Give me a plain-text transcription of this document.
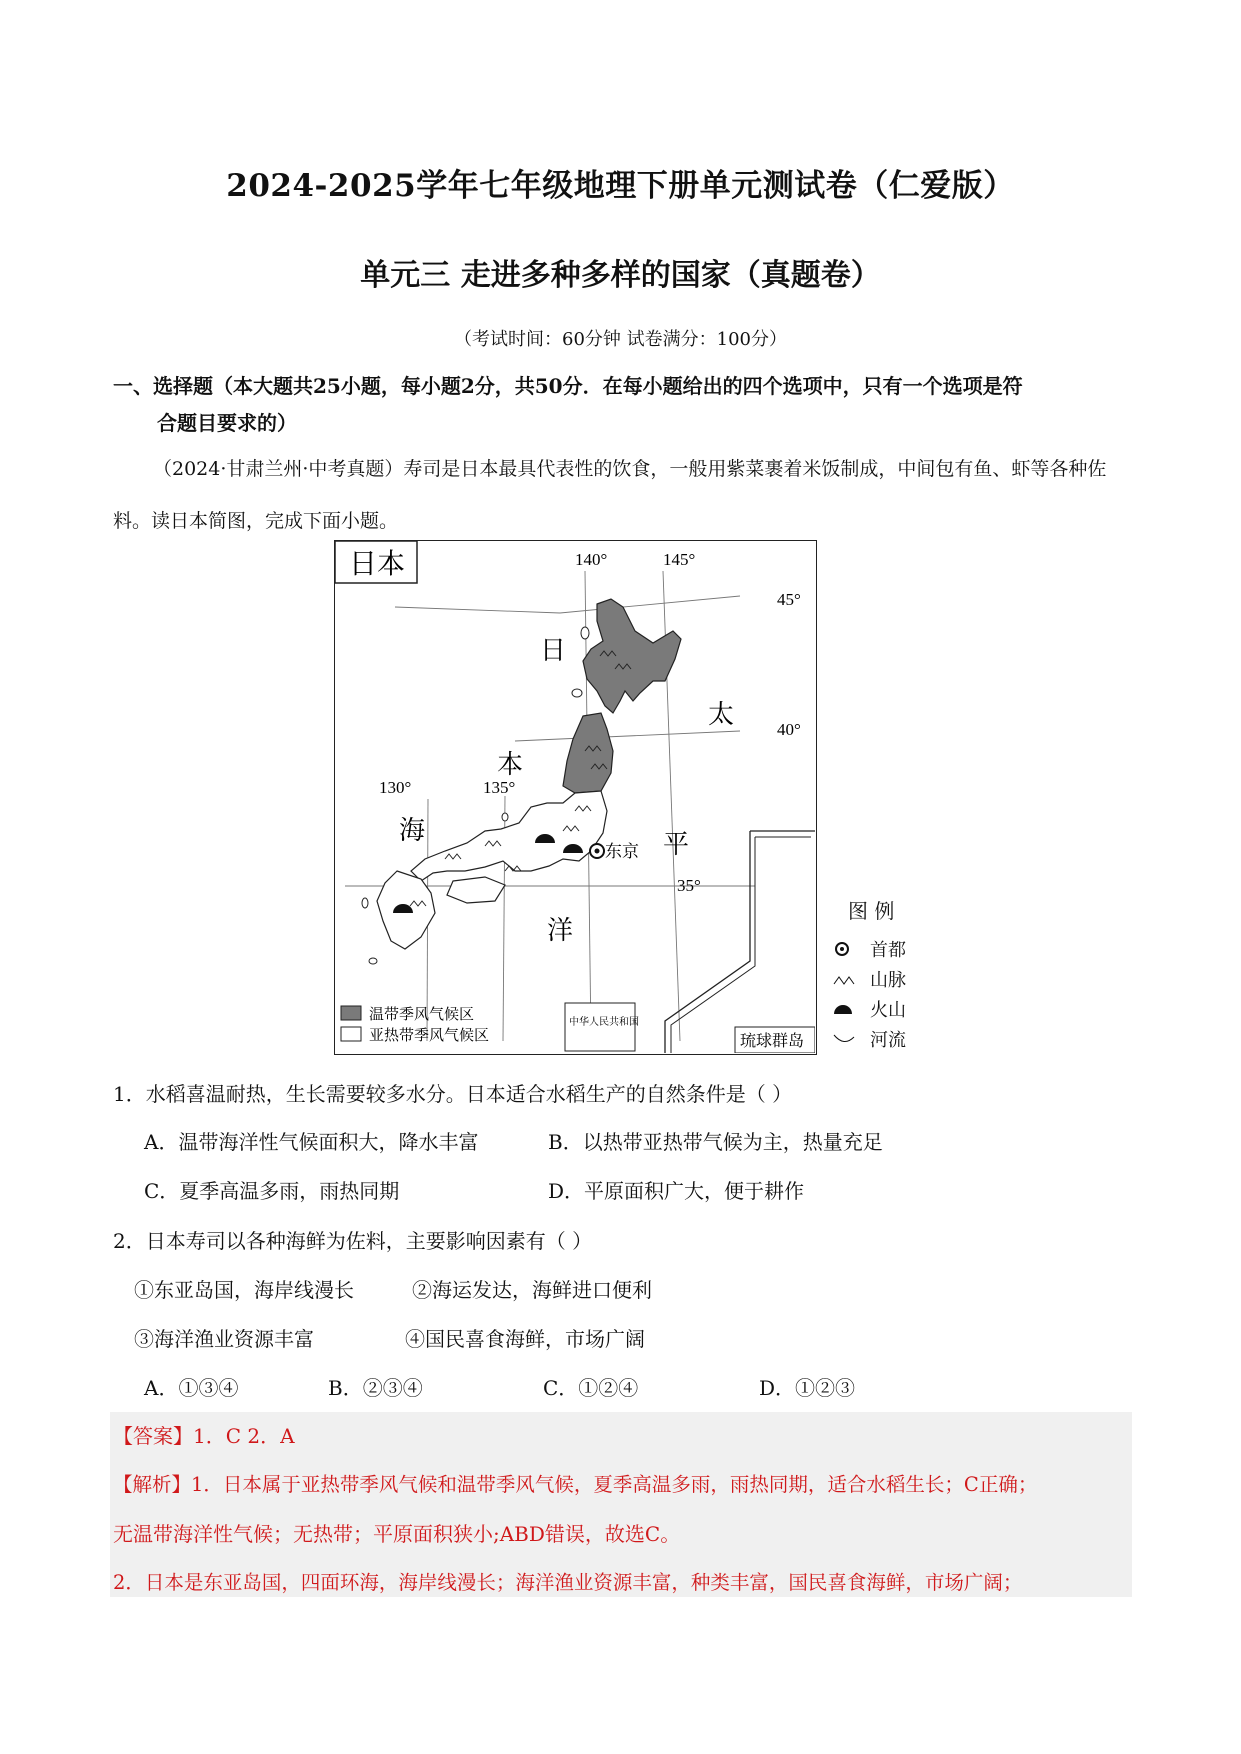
2024-2025学年七年级地理下册单元测试卷（仁爱版）
单元三 走进多种多样的国家（真题卷）
（考试时间：60分钟 试卷满分：100分）
一、选择题（本大题共25小题，每小题2分，共50分．在每小题给出的四个选项中，只有一个选项是符
合题目要求的）
（2024·甘肃兰州·中考真题）寿司是日本最具代表性的饮食，一般用紫菜裹着米饭制成，中间包有鱼、虾等各种佐料。读日本简图，完成下面小题。
日本
东京
140°	145°
130°	135°
45°
40°
35°
日
本
海
太
平
洋
温带季风气候区
亚热带季风气候区
中华人民共和国
琉球群岛
图 例
首都
山脉
火山
河流
1．水稻喜温耐热，生长需要较多水分。日本适合水稻生产的自然条件是（ ）
A．温带海洋性气候面积大，降水丰富	B．以热带亚热带气候为主，热量充足
C．夏季高温多雨，雨热同期	D．平原面积广大，便于耕作
2．日本寿司以各种海鲜为佐料，主要影响因素有（ ）
①东亚岛国，海岸线漫长	②海运发达，海鲜进口便利
③海洋渔业资源丰富	④国民喜食海鲜，市场广阔
A．①③④	B．②③④	C．①②④	D．①②③
【答案】1．C 2．A
【解析】1．日本属于亚热带季风气候和温带季风气候，夏季高温多雨，雨热同期，适合水稻生长；C正确；
无温带海洋性气候；无热带；平原面积狭小;ABD错误，故选C。
2．日本是东亚岛国，四面环海，海岸线漫长；海洋渔业资源丰富，种类丰富，国民喜食海鲜，市场广阔；
